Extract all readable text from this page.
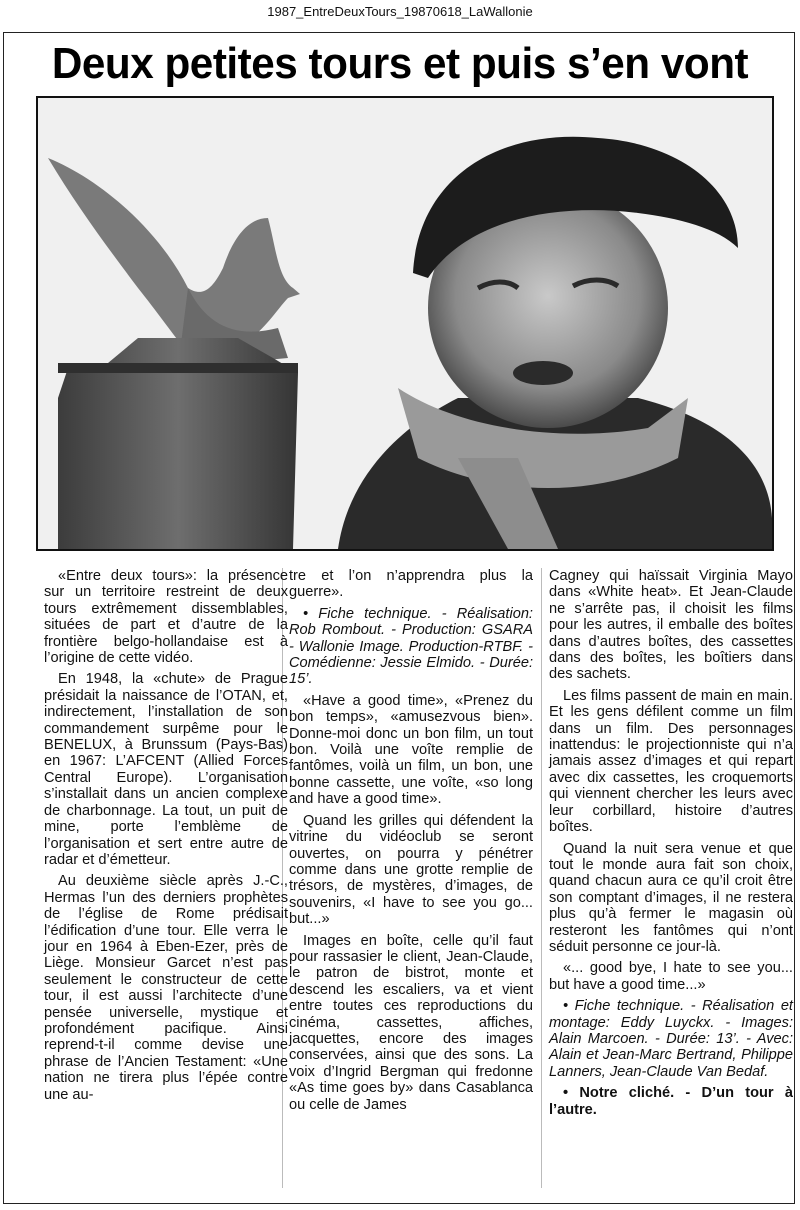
1987_EntreDeuxTours_19870618_LaWallonie
Deux petites tours et puis s’en vont

«Entre deux tours»: la présence sur un territoire restreint de deux tours extrêmement dissemblables, situées de part et d’autre de la frontière belgo-hollandaise est à l’origine de cette vidéo.

En 1948, la «chute» de Prague présidait la naissance de l’OTAN, et, indirectement, l’installation de son commandement surpême pour le BENELUX, à Brunssum (Pays-Bas) en 1967: L’AFCENT (Allied Forces Central Europe). L’organisation s’installait dans un ancien complexe de charbonnage. La tout, un puit de mine, porte l’emblème de l’organisation et sert entre autre de radar et d’émetteur.

Au deuxième siècle après J.-C., Hermas l’un des derniers prophètes de l’église de Rome prédisait l’édification d’une tour. Elle verra le jour en 1964 à Eben-Ezer, près de Liège. Monsieur Garcet n’est pas seulement le constructeur de cette tour, il est aussi l’architecte d’une pensée universelle, mystique et profondément pacifique. Ainsi reprend-t-il comme devise une phrase de l’Ancien Testament: «Une nation ne tirera plus l’épée contre une au-

tre et l’on n’apprendra plus la guerre».

• Fiche technique. - Réalisation: Rob Rombout. - Production: GSARA - Wallonie Image. Production-RTBF. - Comédienne: Jessie Elmido. - Durée: 15’.

«Have a good time», «Prenez du bon temps», «amusezvous bien». Donne-moi donc un bon film, un tout bon. Voilà une voîte remplie de fantômes, voilà un film, un bon, une bonne cassette, une voîte, «so long and have a good time».

Quand les grilles qui défendent la vitrine du vidéoclub se seront ouvertes, on pourra y pénétrer comme dans une grotte remplie de trésors, de mystères, d’images, de souvenirs, «I have to see you go... but...»

Images en boîte, celle qu’il faut pour rassasier le client, Jean-Claude, le patron de bistrot, monte et descend les escaliers, va et vient entre toutes ces reproductions du cinéma, cassettes, affiches, jacquettes, encore des images conservées, ainsi que des sons. La voix d’Ingrid Bergman qui fredonne «As time goes by» dans Casablanca ou celle de James

Cagney qui haïssait Virginia Mayo dans «White heat». Et Jean-Claude ne s’arrête pas, il choisit les films pour les autres, il emballe des boîtes dans d’autres boîtes, des cassettes dans des boîtes, les boîtiers dans des sachets.

Les films passent de main en main. Et les gens défilent comme un film dans un film. Des personnages inattendus: le projectionniste qui n’a jamais assez d’images et qui repart avec dix cassettes, les croquemorts qui viennent chercher les leurs avec leur corbillard, histoire d’autres boîtes.

Quand la nuit sera venue et que tout le monde aura fait son choix, quand chacun aura ce qu’il croit être son comptant d’images, il ne restera plus qu’à fermer le magasin où resteront les fantômes qui n’ont séduit personne ce jour-là.

«... good bye, I hate to see you... but have a good time...»

• Fiche technique. - Réalisation et montage: Eddy Luyckx. - Images: Alain Marcoen. - Durée: 13’. - Avec: Alain et Jean-Marc Bertrand, Philippe Lanners, Jean-Claude Van Bedaf.

• Notre cliché. - D’un tour à l’autre.
